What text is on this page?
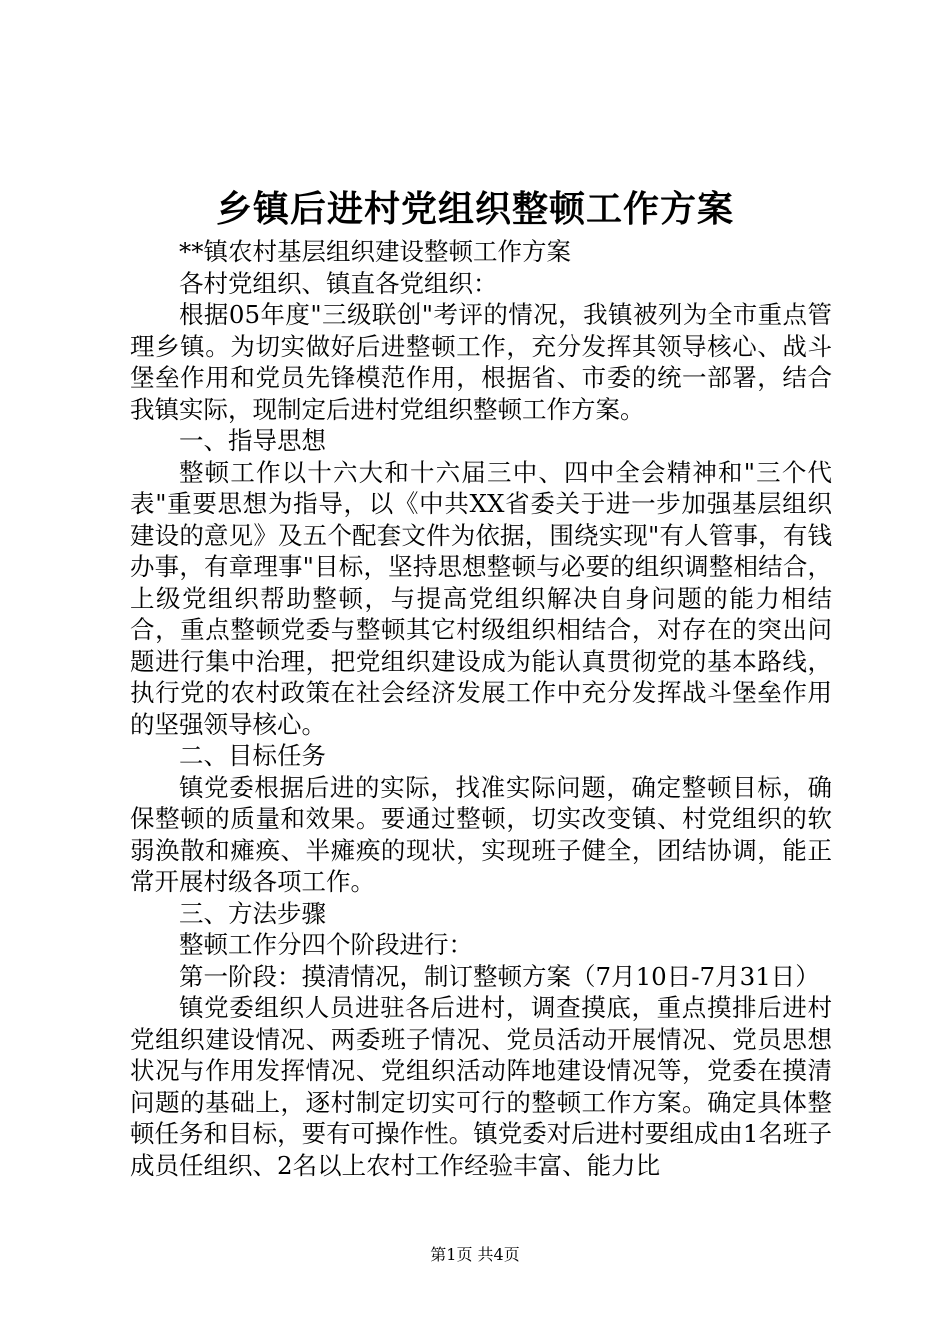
乡镇后进村党组织整顿工作方案

**镇农村基层组织建设整顿工作方案

各村党组织、镇直各党组织：

根据05年度"三级联创"考评的情况，我镇被列为全市重点管理乡镇。为切实做好后进整顿工作，充分发挥其领导核心、战斗堡垒作用和党员先锋模范作用，根据省、市委的统一部署，结合我镇实际，现制定后进村党组织整顿工作方案。

一、指导思想

整顿工作以十六大和十六届三中、四中全会精神和"三个代表"重要思想为指导，以《中共XX省委关于进一步加强基层组织建设的意见》及五个配套文件为依据，围绕实现"有人管事，有钱办事，有章理事"目标，坚持思想整顿与必要的组织调整相结合，上级党组织帮助整顿，与提高党组织解决自身问题的能力相结合，重点整顿党委与整顿其它村级组织相结合，对存在的突出问题进行集中治理，把党组织建设成为能认真贯彻党的基本路线，执行党的农村政策在社会经济发展工作中充分发挥战斗堡垒作用的坚强领导核心。

二、目标任务

镇党委根据后进的实际，找准实际问题，确定整顿目标，确保整顿的质量和效果。要通过整顿，切实改变镇、村党组织的软弱涣散和瘫痪、半瘫痪的现状，实现班子健全，团结协调，能正常开展村级各项工作。

三、方法步骤

整顿工作分四个阶段进行：

第一阶段：摸清情况，制订整顿方案（7月10日-7月31日）

镇党委组织人员进驻各后进村，调查摸底，重点摸排后进村党组织建设情况、两委班子情况、党员活动开展情况、党员思想状况与作用发挥情况、党组织活动阵地建设情况等，党委在摸清问题的基础上，逐村制定切实可行的整顿工作方案。确定具体整顿任务和目标，要有可操作性。镇党委对后进村要组成由1名班子成员任组织、2名以上农村工作经验丰富、能力比

第1页 共4页
